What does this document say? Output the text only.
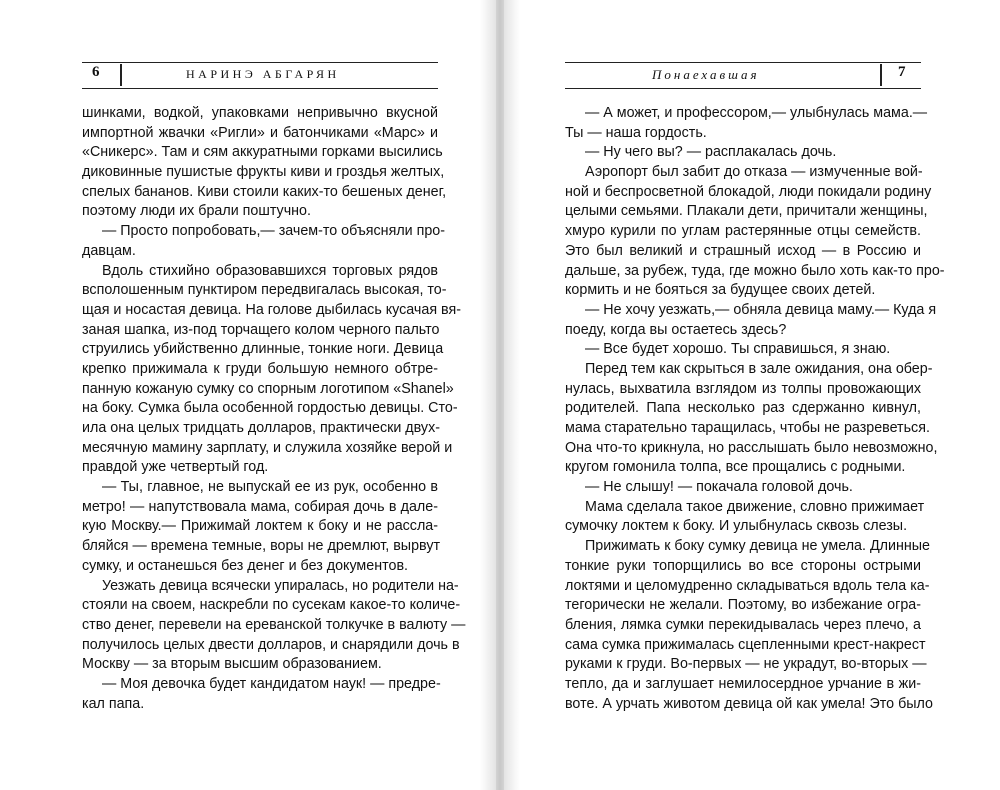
6	НАРИНЭ АБГАРЯН	Понаехавшая	7
шинками, водкой, упаковками непривычно вкусной
импортной жвачки «Ригли» и батончиками «Марс» и
«Сникерс». Там и сям аккуратными горками высились
диковинные пушистые фрукты киви и гроздья желтых,
спелых бананов. Киви стоили каких-то бешеных денег,
поэтому люди их брали поштучно.
— Просто попробовать,— зачем-то объясняли про-
давцам.
Вдоль стихийно образовавшихся торговых рядов
всполошенным пунктиром передвигалась высокая, то-
щая и носастая девица. На голове дыбилась кусачая вя-
заная шапка, из-под торчащего колом черного пальто
струились убийственно длинные, тонкие ноги. Девица
крепко прижимала к груди большую немного обтре-
панную кожаную сумку со спорным логотипом «Shanel»
на боку. Сумка была особенной гордостью девицы. Сто-
ила она целых тридцать долларов, практически двух-
месячную мамину зарплату, и служила хозяйке верой и
правдой уже четвертый год.
— Ты, главное, не выпускай ее из рук, особенно в
метро! — напутствовала мама, собирая дочь в далe-
кую Москву.— Прижимай локтем к боку и не рассла-
бляйся — времена темные, воры не дремлют, вырвут
сумку, и останешься без денег и без документов.
Уезжать девица всячески упиралась, но родители на-
стояли на своем, наскребли по сусекам какое-то количе-
ство денег, перевели на ереванской толкучке в валюту —
получилось целых двести долларов, и снарядили дочь в
Москву — за вторым высшим образованием.
— Моя девочка будет кандидатом наук! — предре-
кал папа.
— А может, и профессором,— улыбнулась мама.—
Ты — наша гордость.
— Ну чего вы? — расплакалась дочь.
Аэропорт был забит до отказа — измученные вой-
ной и беспросветной блокадой, люди покидали родину
целыми семьями. Плакали дети, причитали женщины,
хмуро курили по углам растерянные отцы семейств.
Это был великий и страшный исход — в Россию и
дальше, за рубеж, туда, где можно было хоть как-то про-
кормить и не бояться за будущее своих детей.
— Не хочу уезжать,— обняла девица маму.— Куда я
поеду, когда вы остаетесь здесь?
— Все будет хорошо. Ты справишься, я знаю.
Перед тем как скрыться в зале ожидания, она обер-
нулась, выхватила взглядом из толпы провожающих
родителей. Папа несколько раз сдержанно кивнул,
мама старательно таращилась, чтобы не разреветься.
Она что-то крикнула, но расслышать было невозможно,
кругом гомонила толпа, все прощались с родными.
— Не слышу! — покачала головой дочь.
Мама сделала такое движение, словно прижимает
сумочку локтем к боку. И улыбнулась сквозь слезы.
Прижимать к боку сумку девица не умела. Длинные
тонкие руки топорщились во все стороны острыми
локтями и целомудренно складываться вдоль тела ка-
тегорически не желали. Поэтому, во избежание огра-
бления, лямка сумки перекидывалась через плечо, а
сама сумка прижималась сцепленными крест-накрест
руками к груди. Во-первых — не украдут, во-вторых —
тепло, да и заглушает немилосердное урчание в жи-
воте. А урчать животом девица ой как умела! Это было
